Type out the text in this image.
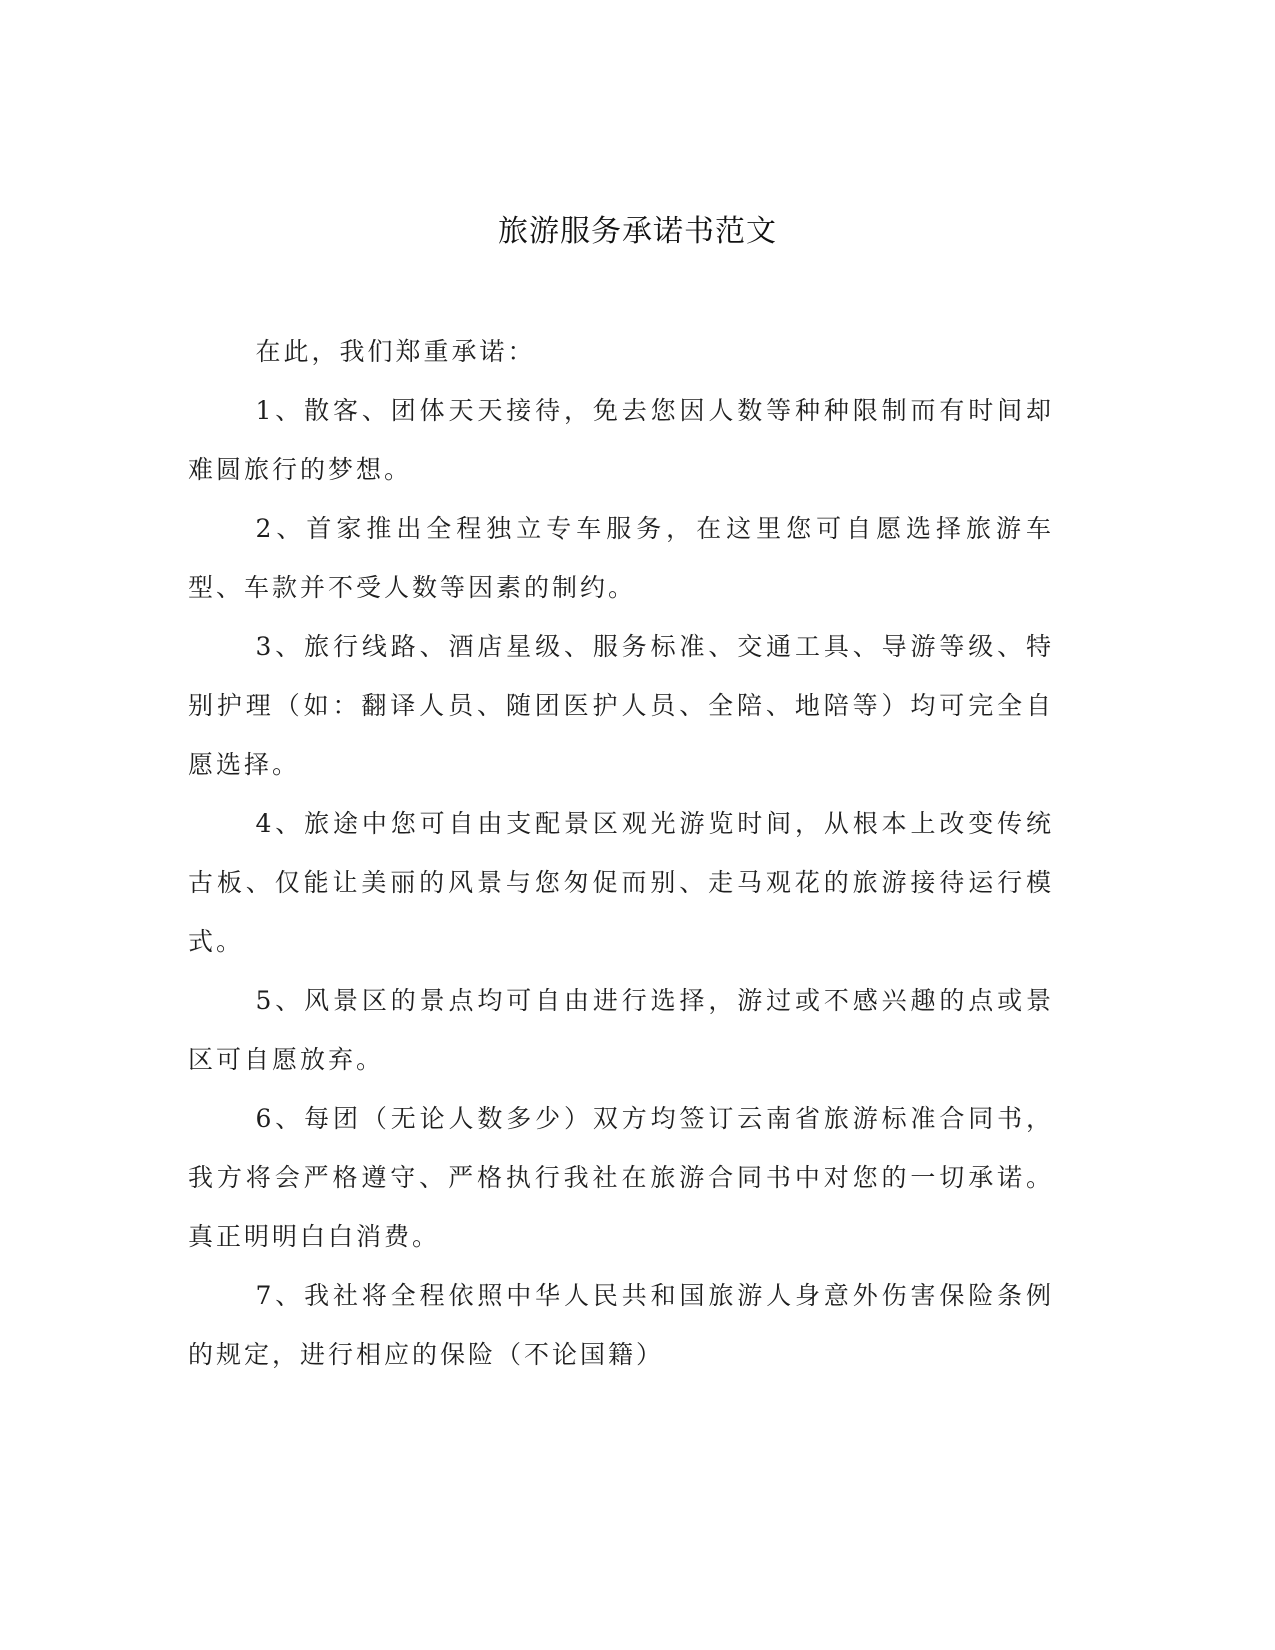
旅游服务承诺书范文

在此，我们郑重承诺：

1、散客、团体天天接待，免去您因人数等种种限制而有时间却难圆旅行的梦想。

2、首家推出全程独立专车服务，在这里您可自愿选择旅游车型、车款并不受人数等因素的制约。

3、旅行线路、酒店星级、服务标准、交通工具、导游等级、特别护理（如：翻译人员、随团医护人员、全陪、地陪等）均可完全自愿选择。

4、旅途中您可自由支配景区观光游览时间，从根本上改变传统古板、仅能让美丽的风景与您匆促而别、走马观花的旅游接待运行模式。

5、风景区的景点均可自由进行选择，游过或不感兴趣的点或景区可自愿放弃。

6、每团（无论人数多少）双方均签订云南省旅游标准合同书，我方将会严格遵守、严格执行我社在旅游合同书中对您的一切承诺。真正明明白白消费。

7、我社将全程依照中华人民共和国旅游人身意外伤害保险条例的规定，进行相应的保险（不论国籍）
